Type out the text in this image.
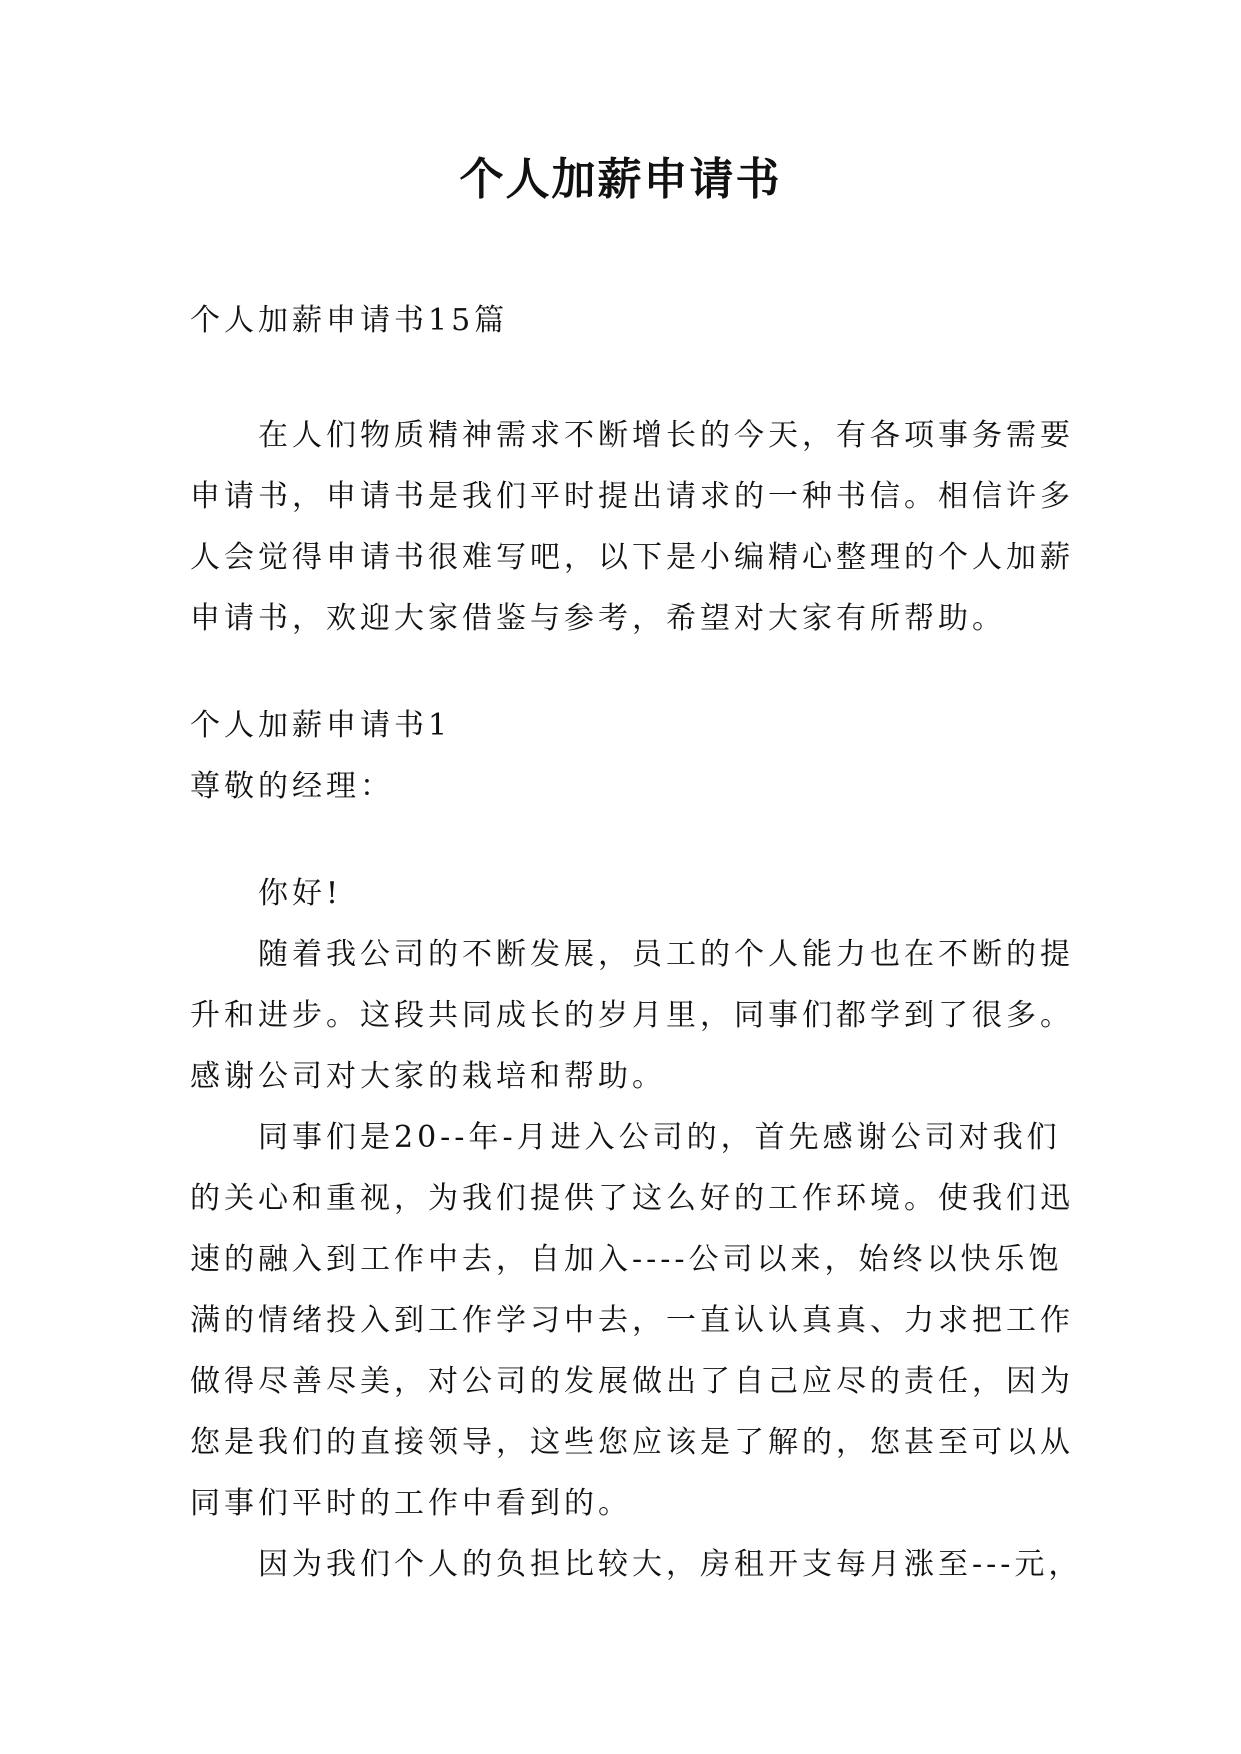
个人加薪申请书
个人加薪申请书15篇
在人们物质精神需求不断增长的今天，有各项事务需要
申请书，申请书是我们平时提出请求的一种书信。相信许多
人会觉得申请书很难写吧，以下是小编精心整理的个人加薪
申请书，欢迎大家借鉴与参考，希望对大家有所帮助。
个人加薪申请书1
尊敬的经理：
你好!
随着我公司的不断发展，员工的个人能力也在不断的提
升和进步。这段共同成长的岁月里，同事们都学到了很多。
感谢公司对大家的栽培和帮助。
同事们是20--年-月进入公司的，首先感谢公司对我们
的关心和重视，为我们提供了这么好的工作环境。使我们迅
速的融入到工作中去，自加入----公司以来，始终以快乐饱
满的情绪投入到工作学习中去，一直认认真真、力求把工作
做得尽善尽美，对公司的发展做出了自己应尽的责任，因为
您是我们的直接领导，这些您应该是了解的，您甚至可以从
同事们平时的工作中看到的。
因为我们个人的负担比较大，房租开支每月涨至---元，
